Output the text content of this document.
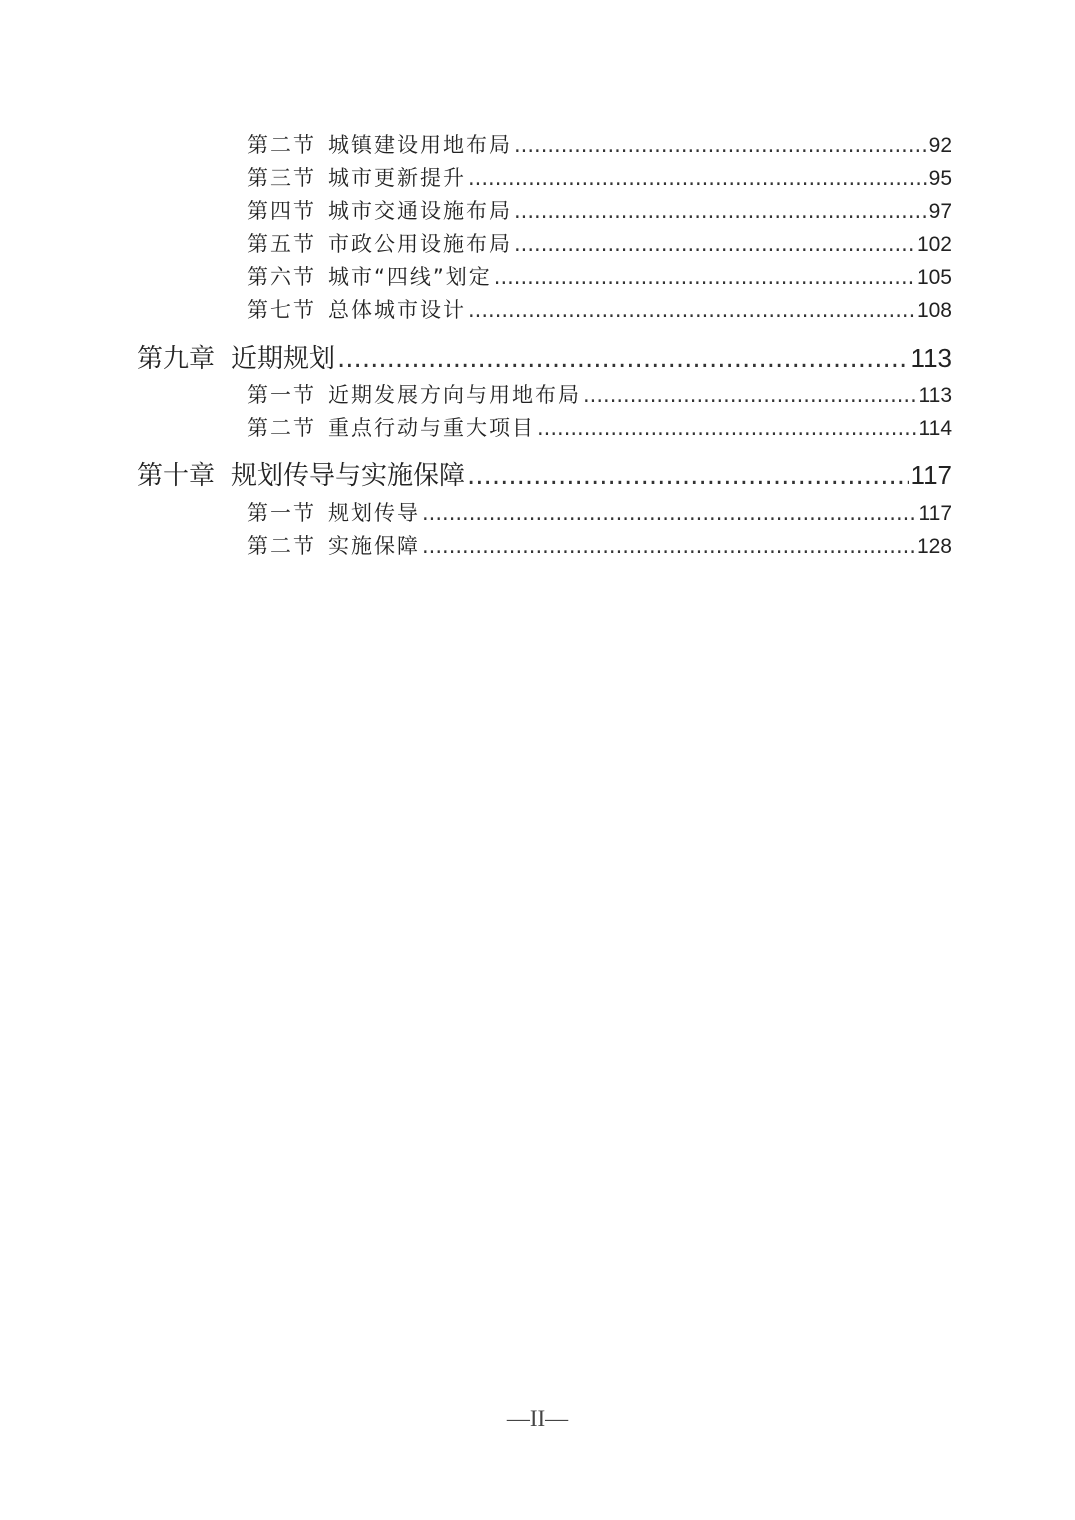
第二节 城镇建设用地布局 .....	92
第三节 城市更新提升 .....	95
第四节 城市交通设施布局 .....	97
第五节 市政公用设施布局 .....	102
第六节 城市“四线”划定 .....	105
第七节 总体城市设计 .....	108
第九章 近期规划 .....	113
第一节 近期发展方向与用地布局 .....	113
第二节 重点行动与重大项目 .....	114
第十章 规划传导与实施保障 .....	117
第一节 规划传导 .....	117
第二节 实施保障 .....	128
—II—
